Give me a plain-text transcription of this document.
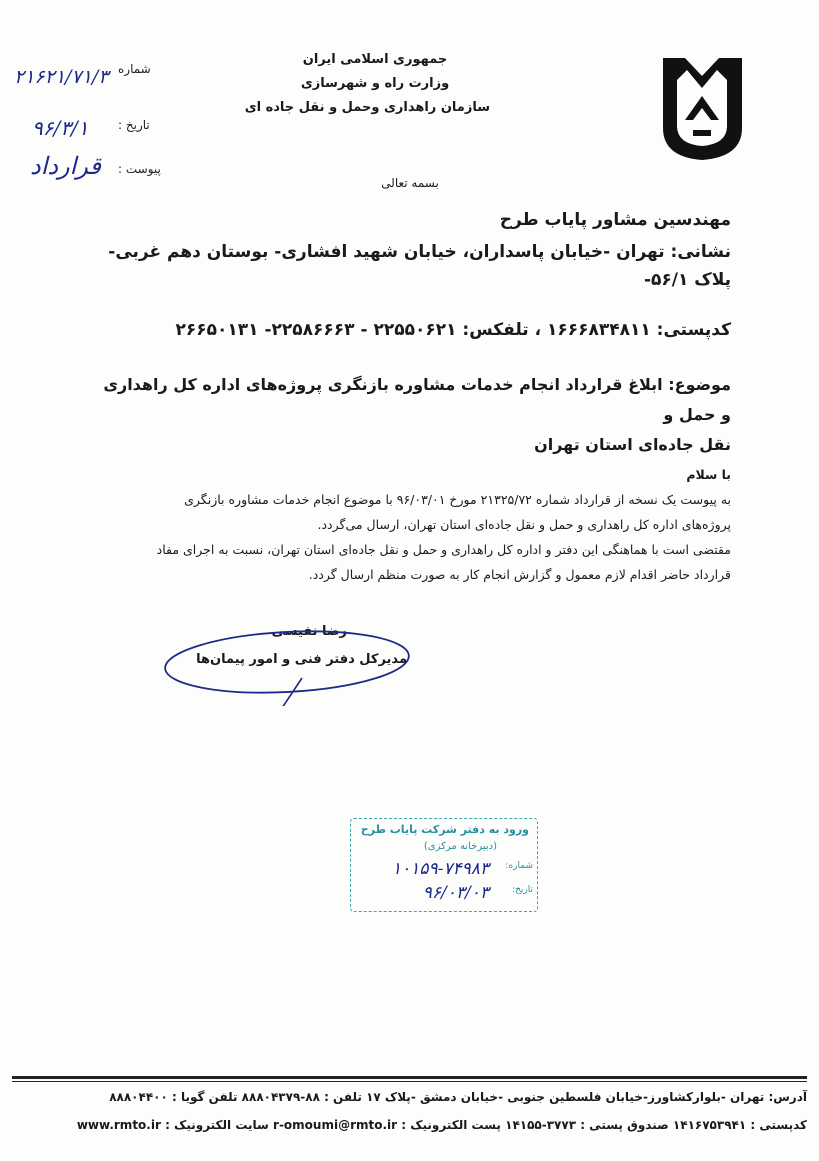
جمهوری اسلامی ایران
وزارت راه و شهرسازی
سازمان راهداری وحمل و نقل جاده ای
بسمه تعالی
شماره
۲۱۶۲۱/۷۱/۳
تاریخ :
۹۶/۳/۱
پیوست :
قرارداد
مهندسین مشاور پایاب طرح
نشانی: تهران -خیابان پاسداران، خیابان شهید افشاری- بوستان دهم غربی- پلاک ۵۶/۱-
کدپستی: ۱۶۶۶۸۳۴۸۱۱ ، تلفکس: ۲۲۵۵۰۶۲۱ - ۲۲۵۸۶۶۶۳- ۲۶۶۵۰۱۳۱
موضوع: ابلاغ قرارداد انجام خدمات مشاوره بازنگری پروژه‌های اداره کل راهداری و حمل و
نقل جاده‌ای استان تهران
با سلام
به پیوست یک نسخه از قرارداد شماره ۲۱۳۲۵/۷۲ مورخ ۹۶/۰۳/۰۱ با موضوع انجام خدمات مشاوره بازنگری
پروژه‌های اداره کل راهداری و حمل و نقل جاده‌ای استان تهران، ارسال می‌گردد.
مقتضی است با هماهنگی این دفتر و اداره کل راهداری و حمل و نقل جاده‌ای استان تهران، نسبت به اجرای مفاد
قرارداد حاضر اقدام لازم معمول و گزارش انجام کار به صورت منظم ارسال گردد.
رضا نفیسی
مدیرکل دفتر فنی و امور پیمان‌ها
ورود به دفتر شرکت پایاب طرح
(دبیرخانه مرکزی)
شماره:
۱۰۱۵۹-۷۴۹۸۳
تاریخ:
۹۶/۰۳/۰۳
آدرس: تهران -بلوارکشاورز-خیابان فلسطین جنوبی -خیابان دمشق -پلاک ۱۷ تلفن : ۸۸-۸۸۸۰۴۳۷۹ تلفن گویا : ۸۸۸۰۴۴۰۰
کدپستی : ۱۴۱۶۷۵۳۹۴۱ صندوق پستی : ۳۷۷۳-۱۴۱۵۵ پست الکترونیک : r-omoumi@rmto.ir سایت الکترونیک : www.rmto.ir
